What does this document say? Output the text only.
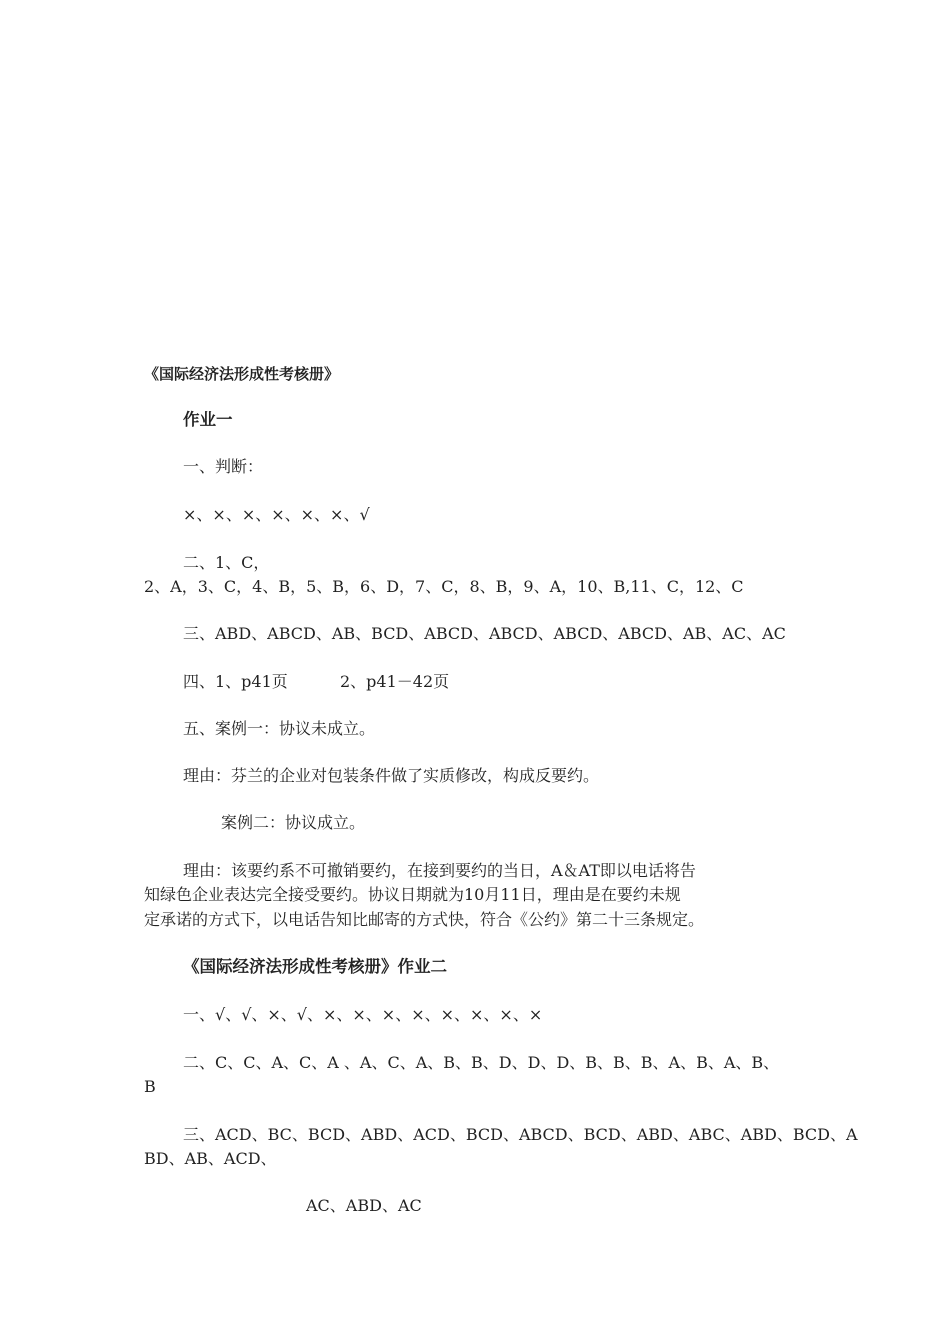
《国际经济法形成性考核册》
作业一
一、判断：
×、×、×、×、×、×、√
二、1、C，
2、A，3、C，4、B，5、B，6、D，7、C，8、B，9、A，10、B,11、C，12、C
三、ABD、ABCD、AB、BCD、ABCD、ABCD、ABCD、ABCD、AB、AC、AC
四、1、p41页	2、p41－42页
五、案例一：协议未成立。
理由：芬兰的企业对包装条件做了实质修改，构成反要约。
案例二：协议成立。
理由：该要约系不可撤销要约，在接到要约的当日，A＆AT即以电话将告
知绿色企业表达完全接受要约。协议日期就为10月11日，理由是在要约未规
定承诺的方式下，以电话告知比邮寄的方式快，符合《公约》第二十三条规定。
《国际经济法形成性考核册》作业二
一、√、√、×、√、×、×、×、×、×、×、×、×
二、C、C、A、C、A 、A、C、A、B、B、D、D、D、B、B、B、A、B、A、B、
B
三、ACD、BC、BCD、ABD、ACD、BCD、ABCD、BCD、ABD、ABC、ABD、BCD、A
BD、AB、ACD、
AC、ABD、AC
